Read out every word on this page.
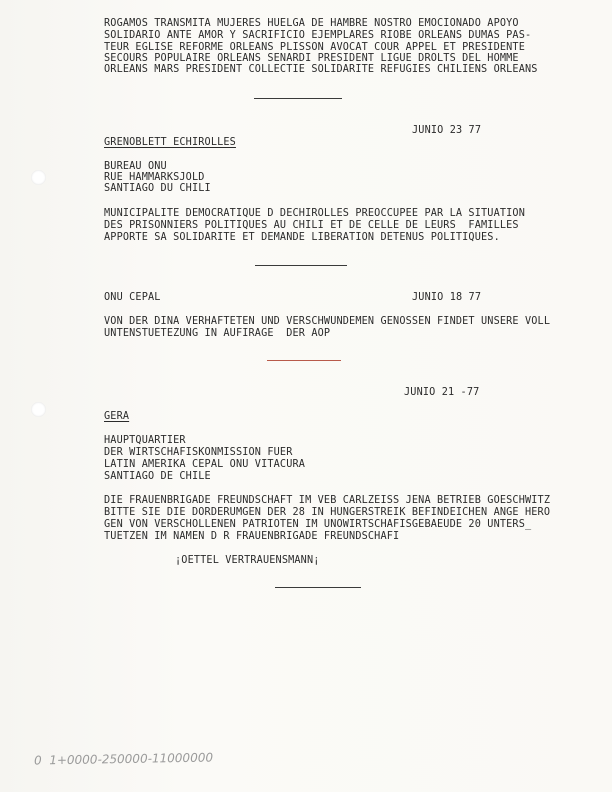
ROGAMOS TRANSMITA MUJERES HUELGA DE HAMBRE NOSTRO EMOCIONADO APOYO
SOLIDARIO ANTE AMOR Y SACRIFICIO EJEMPLARES RIOBE ORLEANS DUMAS PAS-
TEUR EGLISE REFORME ORLEANS PLISSON AVOCAT COUR APPEL ET PRESIDENTE
SECOURS POPULAIRE ORLEANS SENARDI PRESIDENT LIGUE DROLTS DEL HOMME
ORLEANS MARS PRESIDENT COLLECTIE SOLIDARITE REFUGIES CHILIENS ORLEANS
JUNIO 23 77
GRENOBLETT ECHIROLLES
BUREAU ONU
RUE HAMMARKSJOLD
SANTIAGO DU CHILI
MUNICIPALITE DEMOCRATIQUE D DECHIROLLES PREOCCUPEE PAR LA SITUATION
DES PRISONNIERS POLITIQUES AU CHILI ET DE CELLE DE LEURS  FAMILLES
APPORTE SA SOLIDARITE ET DEMANDE LIBERATION DETENUS POLITIQUES.
ONU CEPAL	JUNIO 18 77
VON DER DINA VERHAFTETEN UND VERSCHWUNDEMEN GENOSSEN FINDET UNSERE VOLL
UNTENSTUETEZUNG IN AUFIRAGE  DER AOP
JUNIO 21 -77
GERA
HAUPTQUARTIER
DER WIRTSCHAFISKONMISSION FUER
LATIN AMERIKA CEPAL ONU VITACURA
SANTIAGO DE CHILE
DIE FRAUENBRIGADE FREUNDSCHAFT IM VEB CARLZEISS JENA BETRIEB GOESCHWITZ
BITTE SIE DIE DORDERUMGEN DER 28 IN HUNGERSTREIK BEFINDEICHEN ANGE HERO
GEN VON VERSCHOLLENEN PATRIOTEN IM UNOWIRTSCHAFISGEBAEUDE 20 UNTERS_
TUETZEN IM NAMEN D R FRAUENBRIGADE FREUNDSCHAFI
¡OETTEL VERTRAUENSMANN¡
0  1+0000-250000-11000000
